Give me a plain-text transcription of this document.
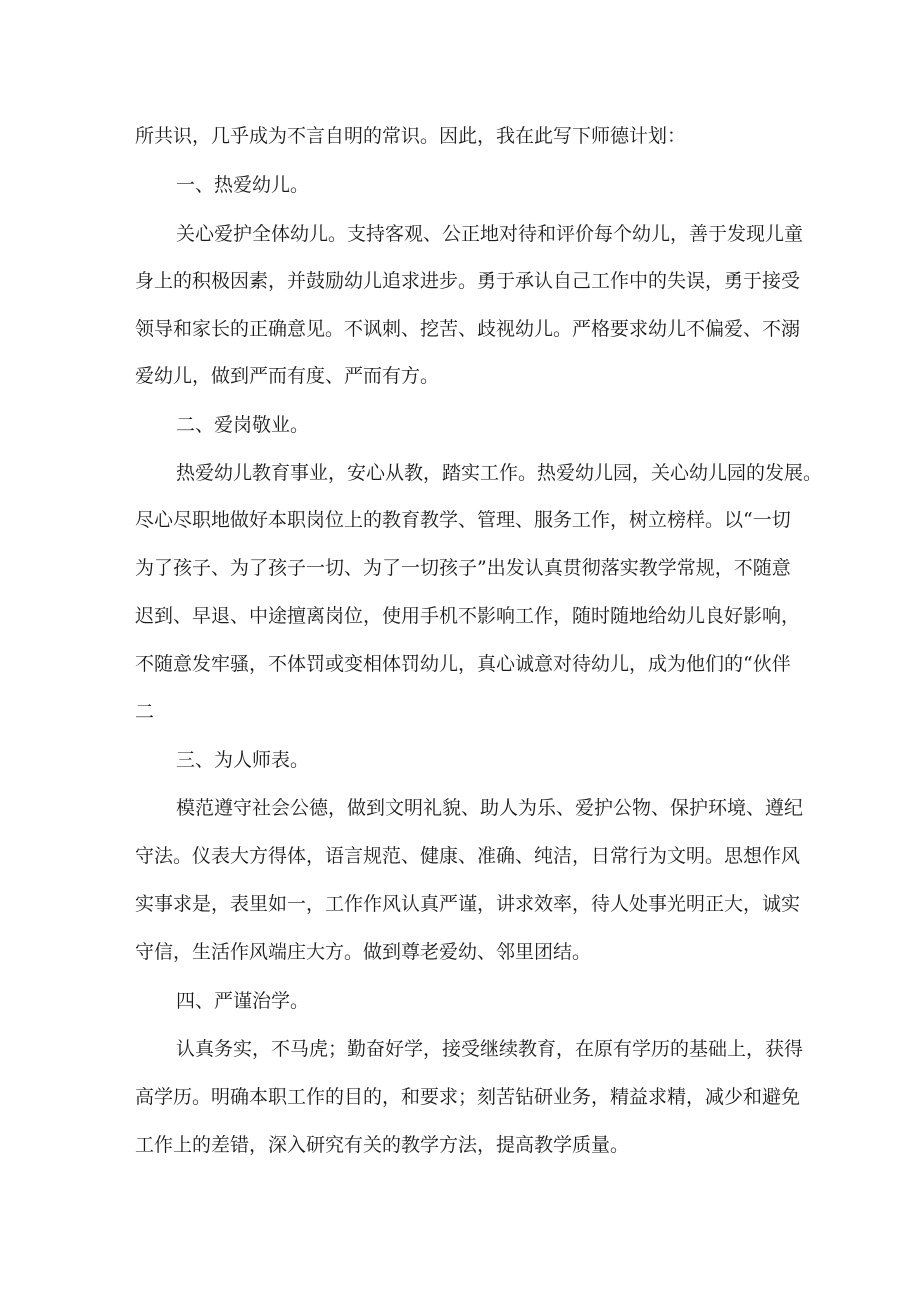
所共识，几乎成为不言自明的常识。因此，我在此写下师德计划：

一、热爱幼儿。

关心爱护全体幼儿。支持客观、公正地对待和评价每个幼儿，善于发现儿童

身上的积极因素，并鼓励幼儿追求进步。勇于承认自己工作中的失误，勇于接受

领导和家长的正确意见。不讽刺、挖苦、歧视幼儿。严格要求幼儿不偏爱、不溺

爱幼儿，做到严而有度、严而有方。

二、爱岗敬业。

热爱幼儿教育事业，安心从教，踏实工作。热爱幼儿园，关心幼儿园的发展。

尽心尽职地做好本职岗位上的教育教学、管理、服务工作，树立榜样。以“一切

为了孩子、为了孩子一切、为了一切孩子”出发认真贯彻落实教学常规，不随意

迟到、早退、中途擅离岗位，使用手机不影响工作，随时随地给幼儿良好影响，

不随意发牢骚，不体罚或变相体罚幼儿，真心诚意对待幼儿，成为他们的“伙伴

二

三、为人师表。

模范遵守社会公德，做到文明礼貌、助人为乐、爱护公物、保护环境、遵纪

守法。仪表大方得体，语言规范、健康、准确、纯洁，日常行为文明。思想作风

实事求是，表里如一，工作作风认真严谨，讲求效率，待人处事光明正大，诚实

守信，生活作风端庄大方。做到尊老爱幼、邻里团结。

四、严谨治学。

认真务实，不马虎；勤奋好学，接受继续教育，在原有学历的基础上，获得

高学历。明确本职工作的目的，和要求；刻苦钻研业务，精益求精，减少和避免

工作上的差错，深入研究有关的教学方法，提高教学质量。
